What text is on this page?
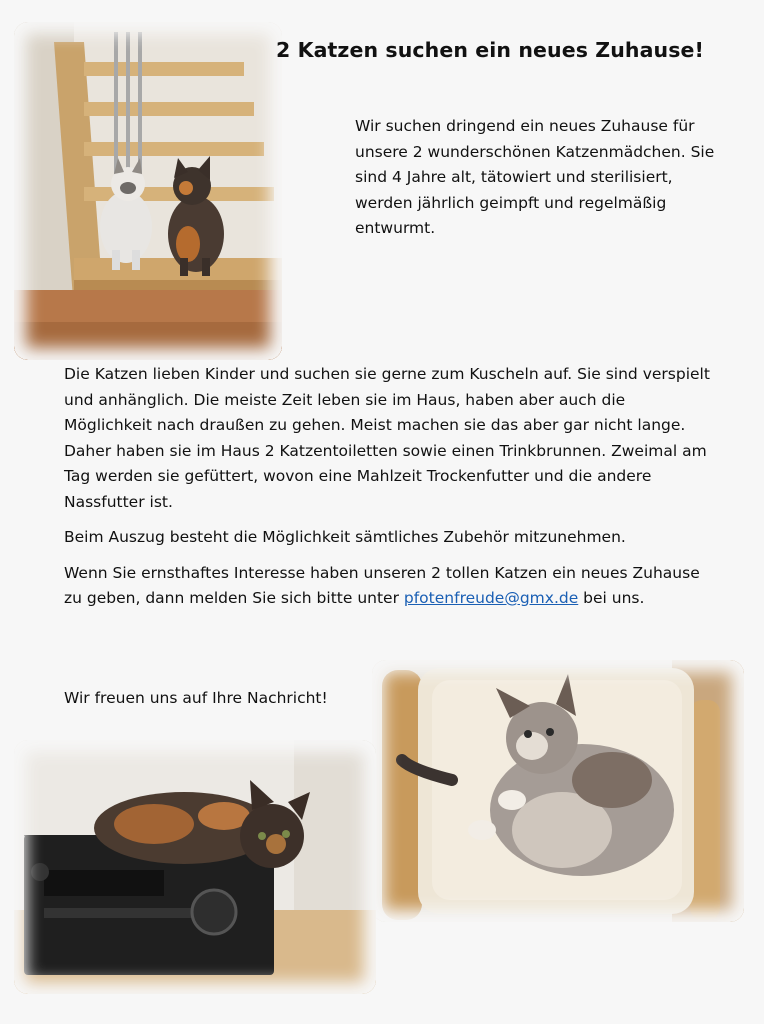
2 Katzen suchen ein neues Zuhause!

Wir suchen dringend ein neues Zuhause für unsere 2 wunderschönen Katzenmädchen. Sie sind 4 Jahre alt, tätowiert und sterilisiert, werden jährlich geimpft und regelmäßig entwurmt.

Die Katzen lieben Kinder und suchen sie gerne zum Kuscheln auf. Sie sind verspielt und anhänglich. Die meiste Zeit leben sie im Haus, haben aber auch die Möglichkeit nach draußen zu gehen. Meist machen sie das aber gar nicht lange. Daher haben sie im Haus 2 Katzentoiletten sowie einen Trinkbrunnen. Zweimal am Tag werden sie gefüttert, wovon eine Mahlzeit Trockenfutter und die andere Nassfutter ist.

Beim Auszug besteht die Möglichkeit sämtliches Zubehör mitzunehmen.

Wenn Sie ernsthaftes Interesse haben unseren 2 tollen Katzen ein neues Zuhause zu geben, dann melden Sie sich bitte unter pfotenfreude@gmx.de bei uns.

Wir freuen uns auf Ihre Nachricht!
